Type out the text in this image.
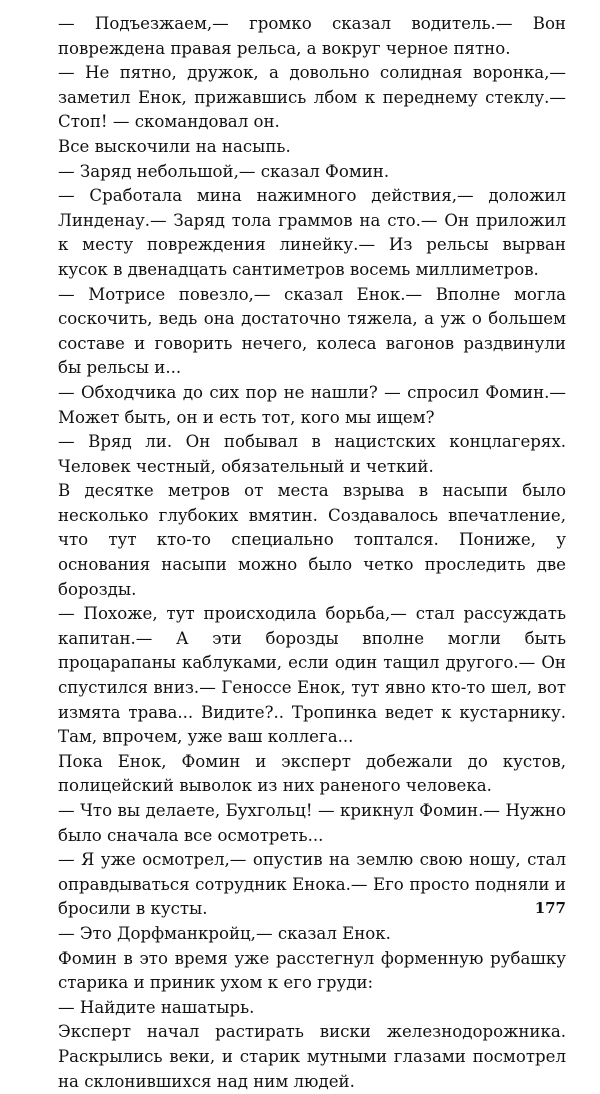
— Подъезжаем,— громко сказал водитель.— Вон повреждена правая рельса, а вокруг черное пятно.

— Не пятно, дружок, а довольно солидная воронка,— заметил Енок, прижавшись лбом к переднему стеклу.— Стоп! — скомандовал он.

Все выскочили на насыпь.

— Заряд небольшой,— сказал Фомин.

— Сработала мина нажимного действия,— доложил Линденау.— Заряд тола граммов на сто.— Он приложил к месту повреждения линейку.— Из рельсы вырван кусок в двенадцать сантиметров восемь миллиметров.

— Мотрисе повезло,— сказал Енок.— Вполне могла соскочить, ведь она достаточно тяжела, а уж о большем составе и говорить нечего, колеса вагонов раздвинули бы рельсы и...

— Обходчика до сих пор не нашли? — спросил Фомин.— Может быть, он и есть тот, кого мы ищем?

— Вряд ли. Он побывал в нацистских концлагерях. Человек честный, обязательный и четкий.

В десятке метров от места взрыва в насыпи было несколько глубоких вмятин. Создавалось впечатление, что тут кто-то специально топтался. Пониже, у основания насыпи можно было четко проследить две борозды.

— Похоже, тут происходила борьба,— стал рассуждать капитан.— А эти борозды вполне могли быть процарапаны каблуками, если один тащил другого.— Он спустился вниз.— Геноссе Енок, тут явно кто-то шел, вот измята трава... Видите?.. Тропинка ведет к кустарнику. Там, впрочем, уже ваш коллега...

Пока Енок, Фомин и эксперт добежали до кустов, полицейский выволок из них раненого человека.

— Что вы делаете, Бухгольц! — крикнул Фомин.— Нужно было сначала все осмотреть...

— Я уже осмотрел,— опустив на землю свою ношу, стал оправдываться сотрудник Енока.— Его просто подняли и бросили в кусты.

— Это Дорфманкройц,— сказал Енок.

Фомин в это время уже расстегнул форменную рубашку старика и приник ухом к его груди:

— Найдите нашатырь.

Эксперт начал растирать виски железнодорожника. Раскрылись веки, и старик мутными глазами посмотрел на склонившихся над ним людей.

177
